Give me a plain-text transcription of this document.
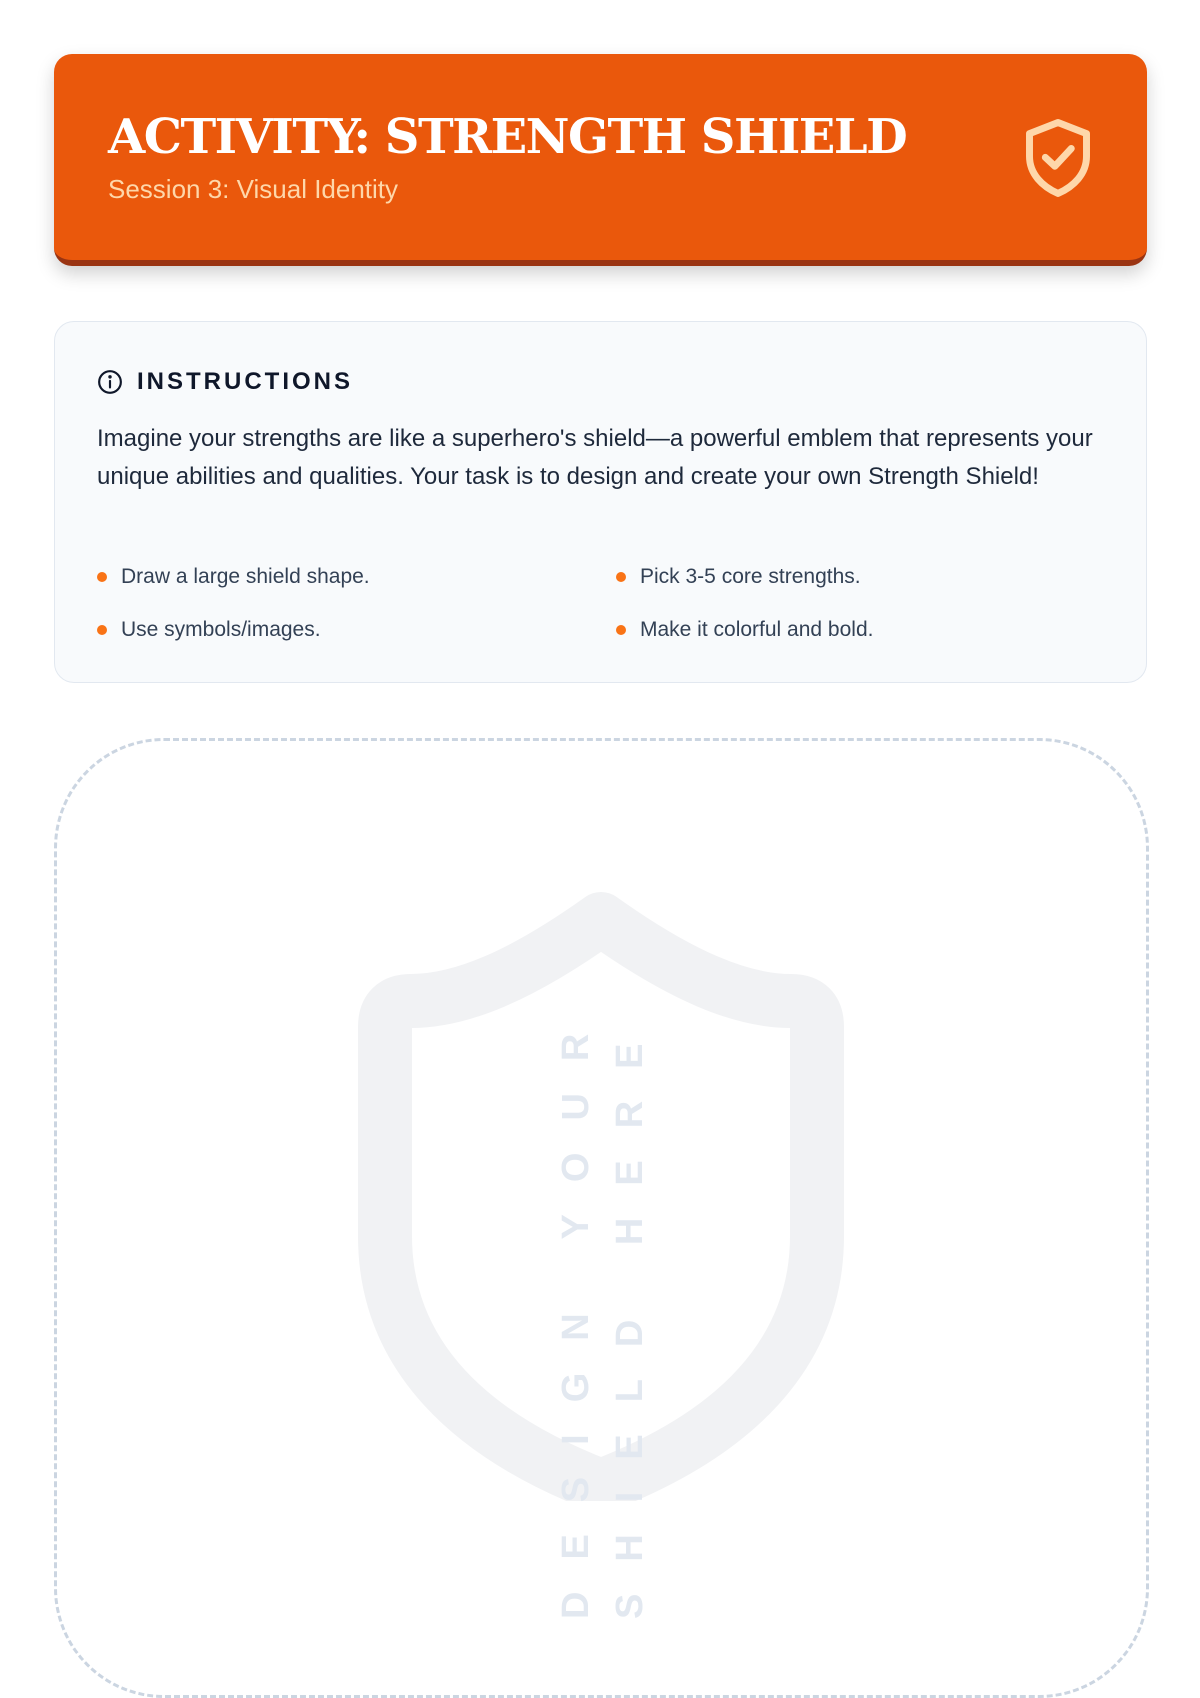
ACTIVITY: STRENGTH SHIELD
Session 3: Visual Identity
INSTRUCTIONS

Imagine your strengths are like a superhero's shield—a powerful emblem that represents your unique abilities and qualities. Your task is to design and create your own Strength Shield!

Draw a large shield shape.	Pick 3-5 core strengths.
Use symbols/images.	Make it colorful and bold.
DESIGN YOUR SHIELD HERE
